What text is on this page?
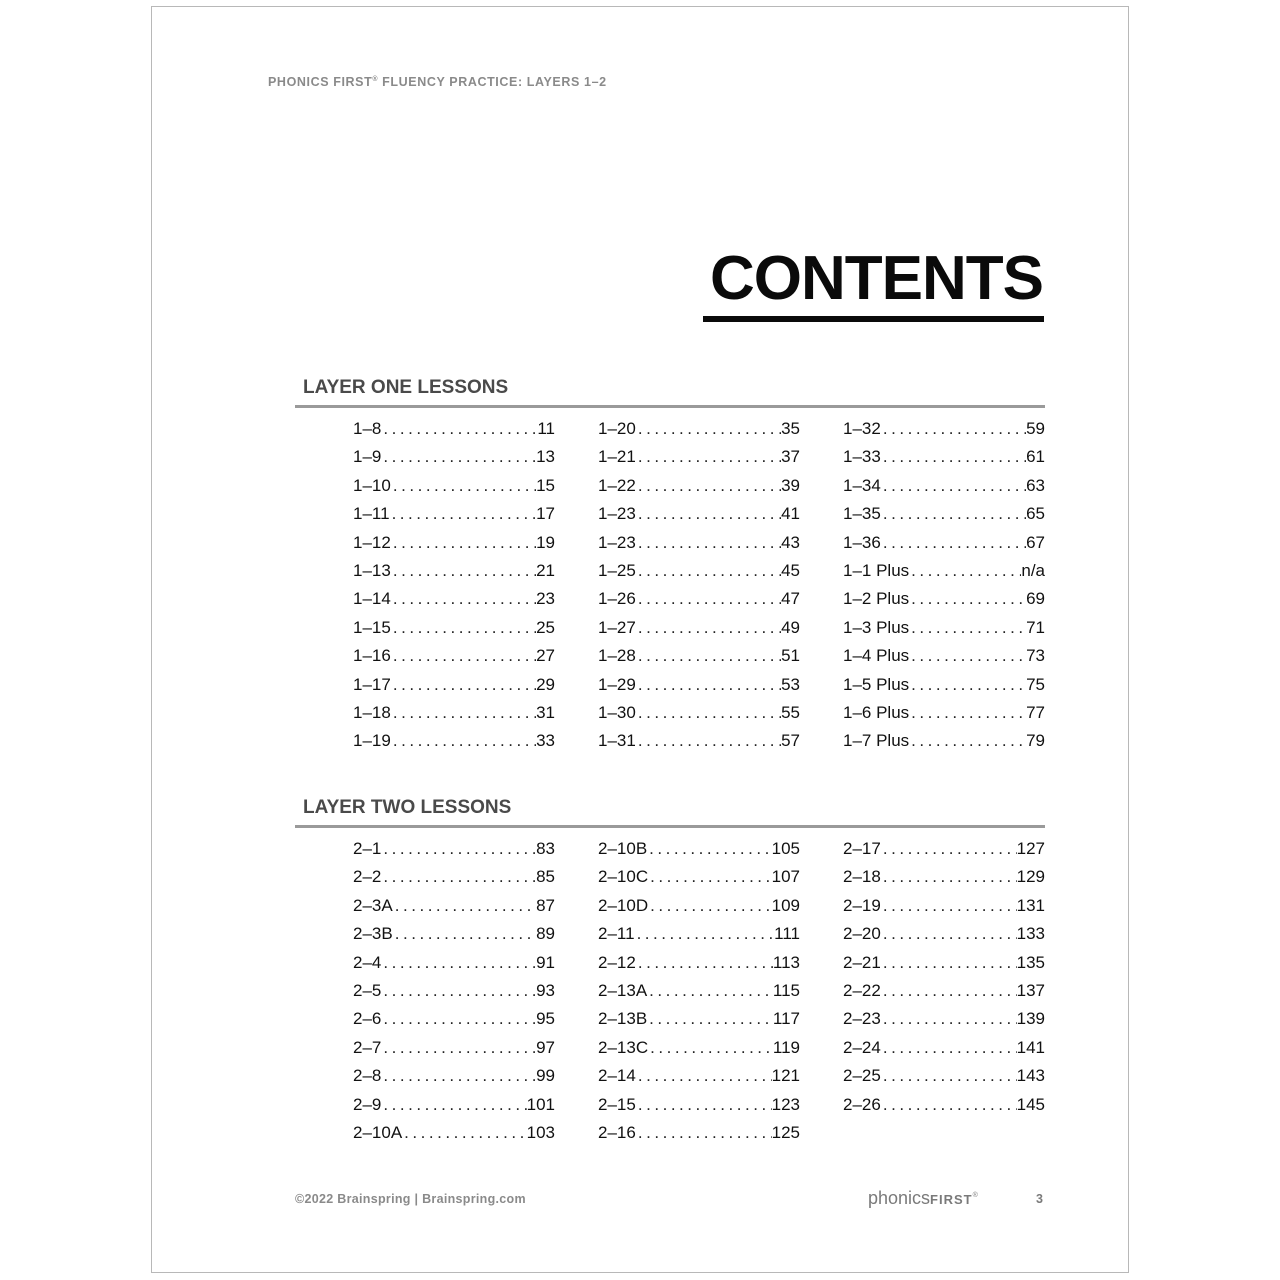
PHONICS FIRST® FLUENCY PRACTICE: LAYERS 1–2
CONTENTS
LAYER ONE LESSONS
1–8 . . .	11
1–9 . . .	13
1–10 . . .	15
1–11 . . .	17
1–12 . . .	19
1–13 . . .	21
1–14 . . .	23
1–15 . . .	25
1–16 . . .	27
1–17 . . .	29
1–18 . . .	31
1–19 . . .	33
1–20 . . .	35
1–21 . . .	37
1–22 . . .	39
1–23 . . .	41
1–23 . . .	43
1–25 . . .	45
1–26 . . .	47
1–27 . . .	49
1–28 . . .	51
1–29 . . .	53
1–30 . . .	55
1–31 . . .	57
1–32 . . .	59
1–33 . . .	61
1–34 . . .	63
1–35 . . .	65
1–36 . . .	67
1–1 Plus . . .	n/a
1–2 Plus . . .	69
1–3 Plus . . .	71
1–4 Plus . . .	73
1–5 Plus . . .	75
1–6 Plus . . .	77
1–7 Plus . . .	79
LAYER TWO LESSONS
2–1 . . .	83
2–2 . . .	85
2–3A . . .	87
2–3B . . .	89
2–4 . . .	91
2–5 . . .	93
2–6 . . .	95
2–7 . . .	97
2–8 . . .	99
2–9 . . .	101
2–10A . . .	103
2–10B . . .	105
2–10C . . .	107
2–10D . . .	109
2–11 . . .	111
2–12 . . .	113
2–13A . . .	115
2–13B . . .	117
2–13C . . .	119
2–14 . . .	121
2–15 . . .	123
2–16 . . .	125
2–17 . . .	127
2–18 . . .	129
2–19 . . .	131
2–20 . . .	133
2–21 . . .	135
2–22 . . .	137
2–23 . . .	139
2–24 . . .	141
2–25 . . .	143
2–26 . . .	145
©2022 Brainspring | Brainspring.com	phonicsFIRST®	3
